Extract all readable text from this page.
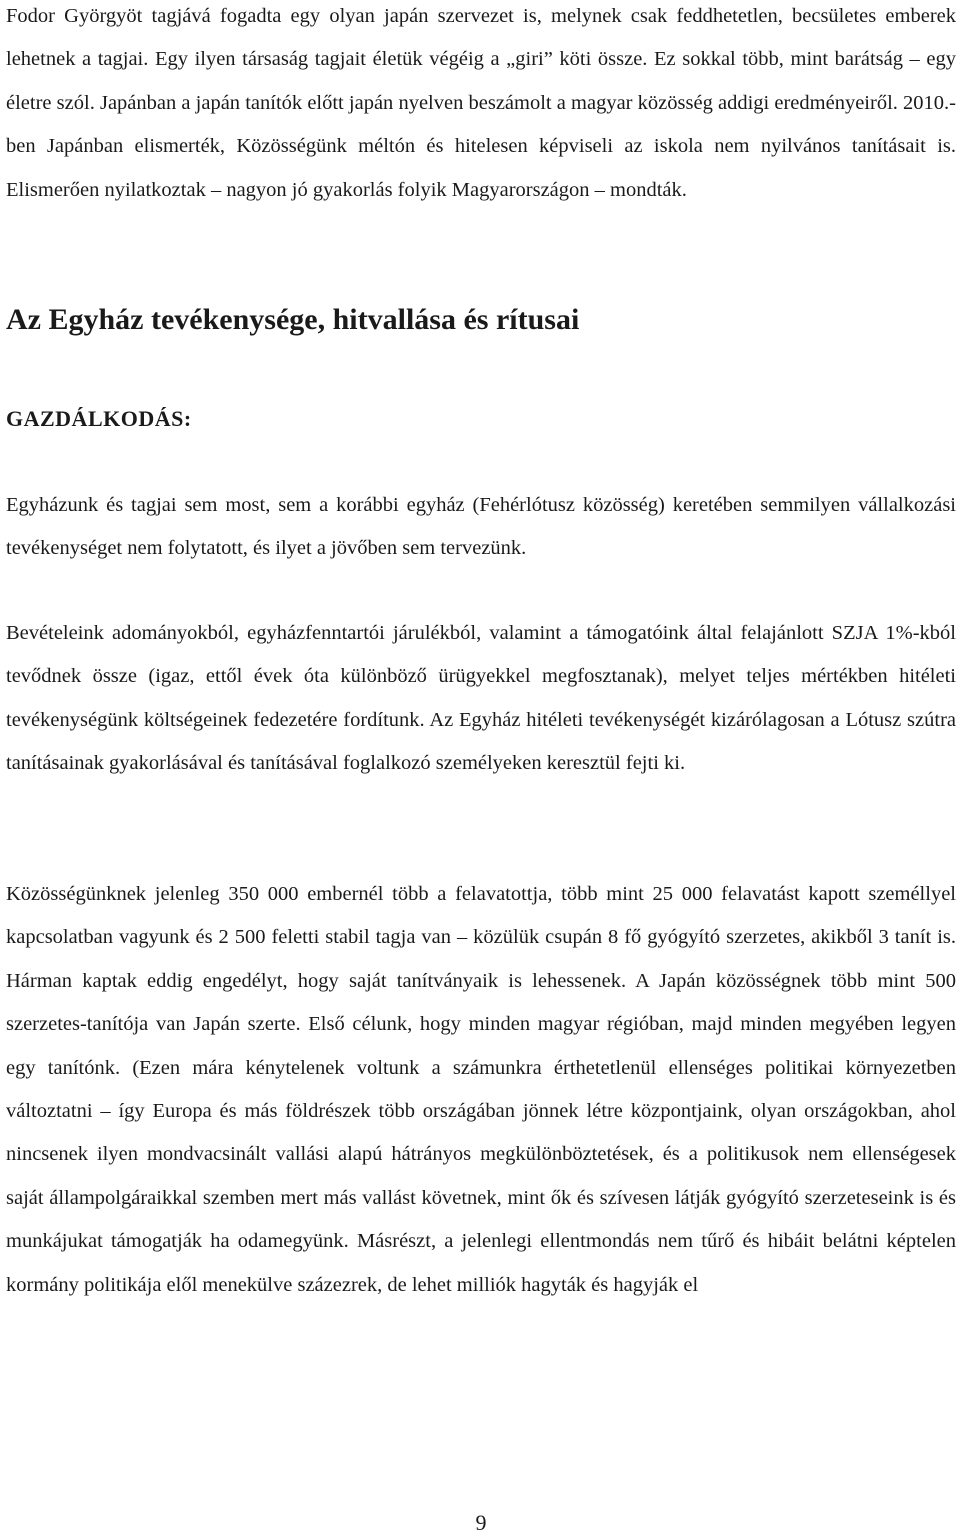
Fodor Györgyöt tagjává fogadta egy olyan japán szervezet is, melynek csak feddhetetlen, becsületes emberek lehetnek a tagjai. Egy ilyen társaság tagjait életük végéig a „giri” köti össze. Ez sokkal több, mint barátság – egy életre szól. Japánban a japán tanítók előtt japán nyelven beszámolt a magyar közösség addigi eredményeiről. 2010.-ben Japánban elismerték, Közösségünk méltón és hitelesen képviseli az iskola nem nyilvános tanításait is. Elismerően nyilatkoztak – nagyon jó gyakorlás folyik Magyarországon – mondták.

Az Egyház tevékenysége, hitvallása és rítusai
GAZDÁLKODÁS:

Egyházunk és tagjai sem most, sem a korábbi egyház (Fehérlótusz közösség) keretében semmilyen vállalkozási tevékenységet nem folytatott, és ilyet a jövőben sem tervezünk.

Bevételeink adományokból, egyházfenntartói járulékból, valamint a támogatóink által felajánlott SZJA 1%-kból tevődnek össze (igaz, ettől évek óta különböző ürügyekkel megfosztanak), melyet teljes mértékben hitéleti tevékenységünk költségeinek fedezetére fordítunk. Az Egyház hitéleti tevékenységét kizárólagosan a Lótusz szútra tanításainak gyakorlásával és tanításával foglalkozó személyeken keresztül fejti ki.

Közösségünknek jelenleg 350 000 embernél több a felavatottja, több mint 25 000 felavatást kapott személlyel kapcsolatban vagyunk és 2 500 feletti stabil tagja van – közülük csupán 8 fő gyógyító szerzetes, akikből 3 tanít is. Hárman kaptak eddig engedélyt, hogy saját tanítványaik is lehessenek. A Japán közösségnek több mint 500 szerzetes-tanítója van Japán szerte. Első célunk, hogy minden magyar régióban, majd minden megyében legyen egy tanítónk. (Ezen mára kénytelenek voltunk a számunkra érthetetlenül ellenséges politikai környezetben változtatni – így Europa és más földrészek több országában jönnek létre központjaink, olyan országokban, ahol nincsenek ilyen mondvacsinált vallási alapú hátrányos megkülönböztetések, és a politikusok nem ellenségesek saját állampolgáraikkal szemben mert más vallást követnek, mint ők és szívesen látják gyógyító szerzeteseink is és munkájukat támogatják ha odamegyünk. Másrészt, a jelenlegi ellentmondás nem tűrő és hibáit belátni képtelen kormány politikája elől menekülve százezrek, de lehet milliók hagyták és hagyják el

9
